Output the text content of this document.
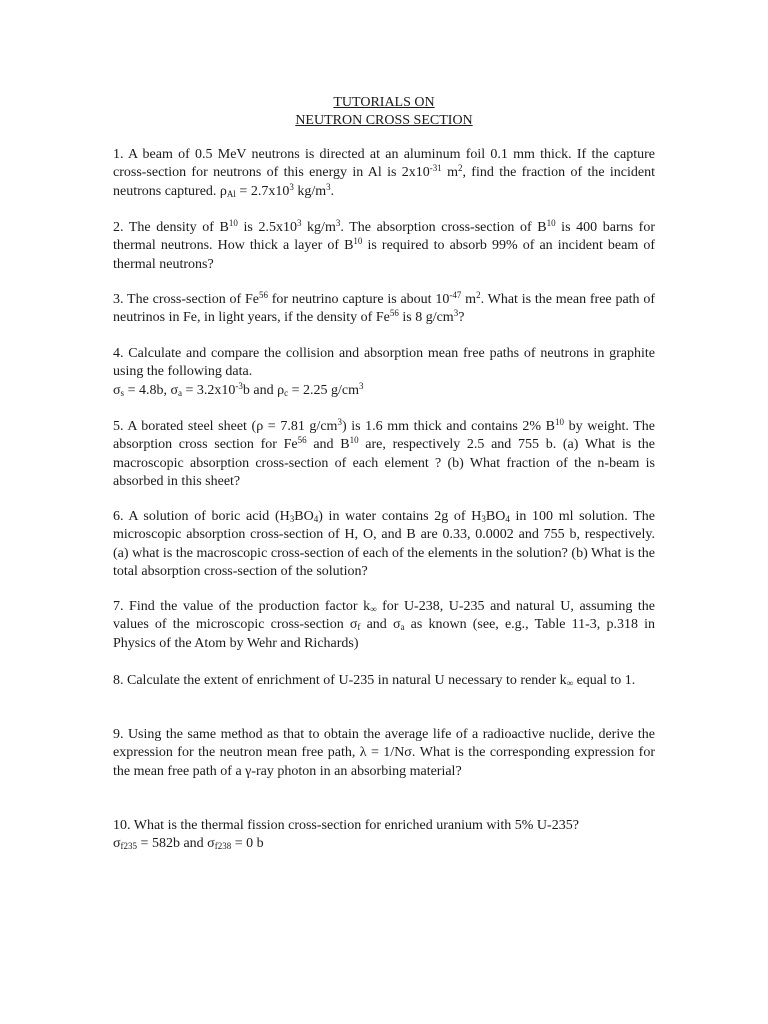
TUTORIALS ON
NEUTRON CROSS SECTION

1. A beam of 0.5 MeV neutrons is directed at an aluminum foil 0.1 mm thick. If the capture cross-section for neutrons of this energy in Al is $2x10^{-31}$ $m^2$, find the fraction of the incident neutrons captured. $\rho_{Al} = 2.7x10^3$ $kg/m^3$.

2. The density of $B^{10}$ is $2.5x10^3$ $kg/m^3$. The absorption cross-section of $B^{10}$ is 400 barns for thermal neutrons. How thick a layer of $B^{10}$ is required to absorb 99% of an incident beam of thermal neutrons?

3. The cross-section of Fe$^{56}$ for neutrino capture is about $10^{-47}$ $m^2$. What is the mean free path of neutrinos in Fe, in light years, if the density of Fe$^{56}$ is 8 $g/cm^3$?

4. Calculate and compare the collision and absorption mean free paths of neutrons in graphite using the following data.

$\sigma_s = 4.8b$, $\sigma_a = 3.2x10^{-3}b$ and $\rho_c = 2.25$ $g/cm^3$

5. A borated steel sheet (ρ = 7.81 $g/cm^3$) is 1.6 mm thick and contains 2% $B^{10}$ by weight. The absorption cross section for Fe$^{56}$ and $B^{10}$ are, respectively 2.5 and 755 b. (a) What is the macroscopic absorption cross-section of each element ? (b) What fraction of the n-beam is absorbed in this sheet?

6. A solution of boric acid $(H_3BO_4)$ in water contains 2g of $H_3BO_4$ in 100 ml solution. The microscopic absorption cross-section of H, O, and B are 0.33, 0.0002 and 755 b, respectively. (a) what is the macroscopic cross-section of each of the elements in the solution? (b) What is the total absorption cross-section of the solution?

7. Find the value of the production factor $k_\infty$ for U-238, U-235 and natural U, assuming the values of the microscopic cross-section $\sigma_f$ and $\sigma_a$ as known (see, e.g., Table 11-3, p.318 in Physics of the Atom by Wehr and Richards)

8. Calculate the extent of enrichment of U-235 in natural U necessary to render $k_\infty$ equal to 1.

9. Using the same method as that to obtain the average life of a radioactive nuclide, derive the expression for the neutron mean free path, λ = 1/Nσ. What is the corresponding expression for the mean free path of a γ-ray photon in an absorbing material?

10. What is the thermal fission cross-section for enriched uranium with 5% U-235?

$\sigma_{f235} = 582b$ and $\sigma_{f238} = 0$ b
